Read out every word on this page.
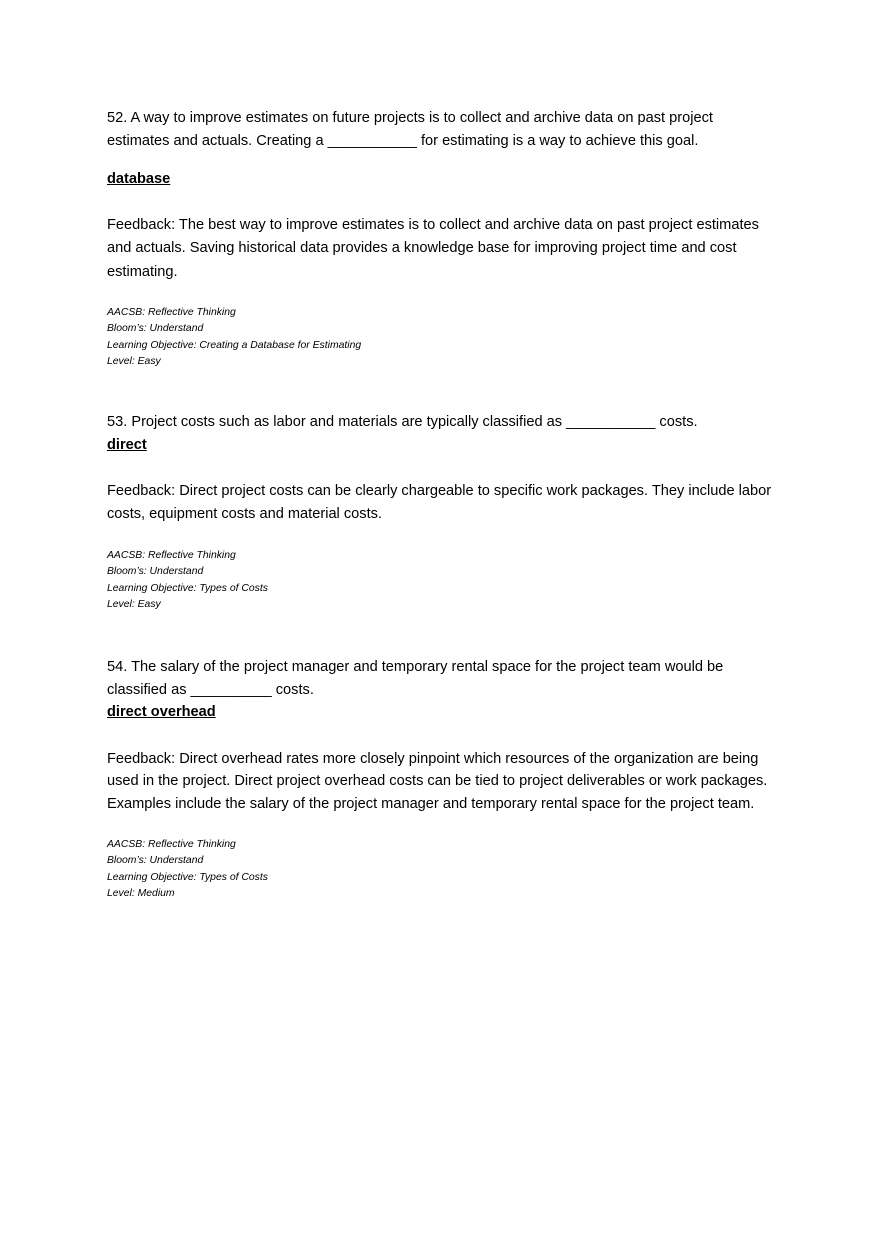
52. A way to improve estimates on future projects is to collect and archive data on past project estimates and actuals. Creating a ___________ for estimating is a way to achieve this goal.

database

Feedback: The best way to improve estimates is to collect and archive data on past project estimates and actuals. Saving historical data provides a knowledge base for improving project time and cost estimating.

AACSB: Reflective Thinking
Bloom’s: Understand
Learning Objective: Creating a Database for Estimating
Level: Easy

53. Project costs such as labor and materials are typically classified as ___________ costs.

direct

Feedback: Direct project costs can be clearly chargeable to specific work packages. They include labor costs, equipment costs and material costs.

AACSB: Reflective Thinking
Bloom’s: Understand
Learning Objective: Types of Costs
Level: Easy

54. The salary of the project manager and temporary rental space for the project team would be classified as __________ costs.

direct overhead

Feedback: Direct overhead rates more closely pinpoint which resources of the organization are being used in the project. Direct project overhead costs can be tied to project deliverables or work packages. Examples include the salary of the project manager and temporary rental space for the project team.

AACSB: Reflective Thinking
Bloom’s: Understand
Learning Objective: Types of Costs
Level: Medium
